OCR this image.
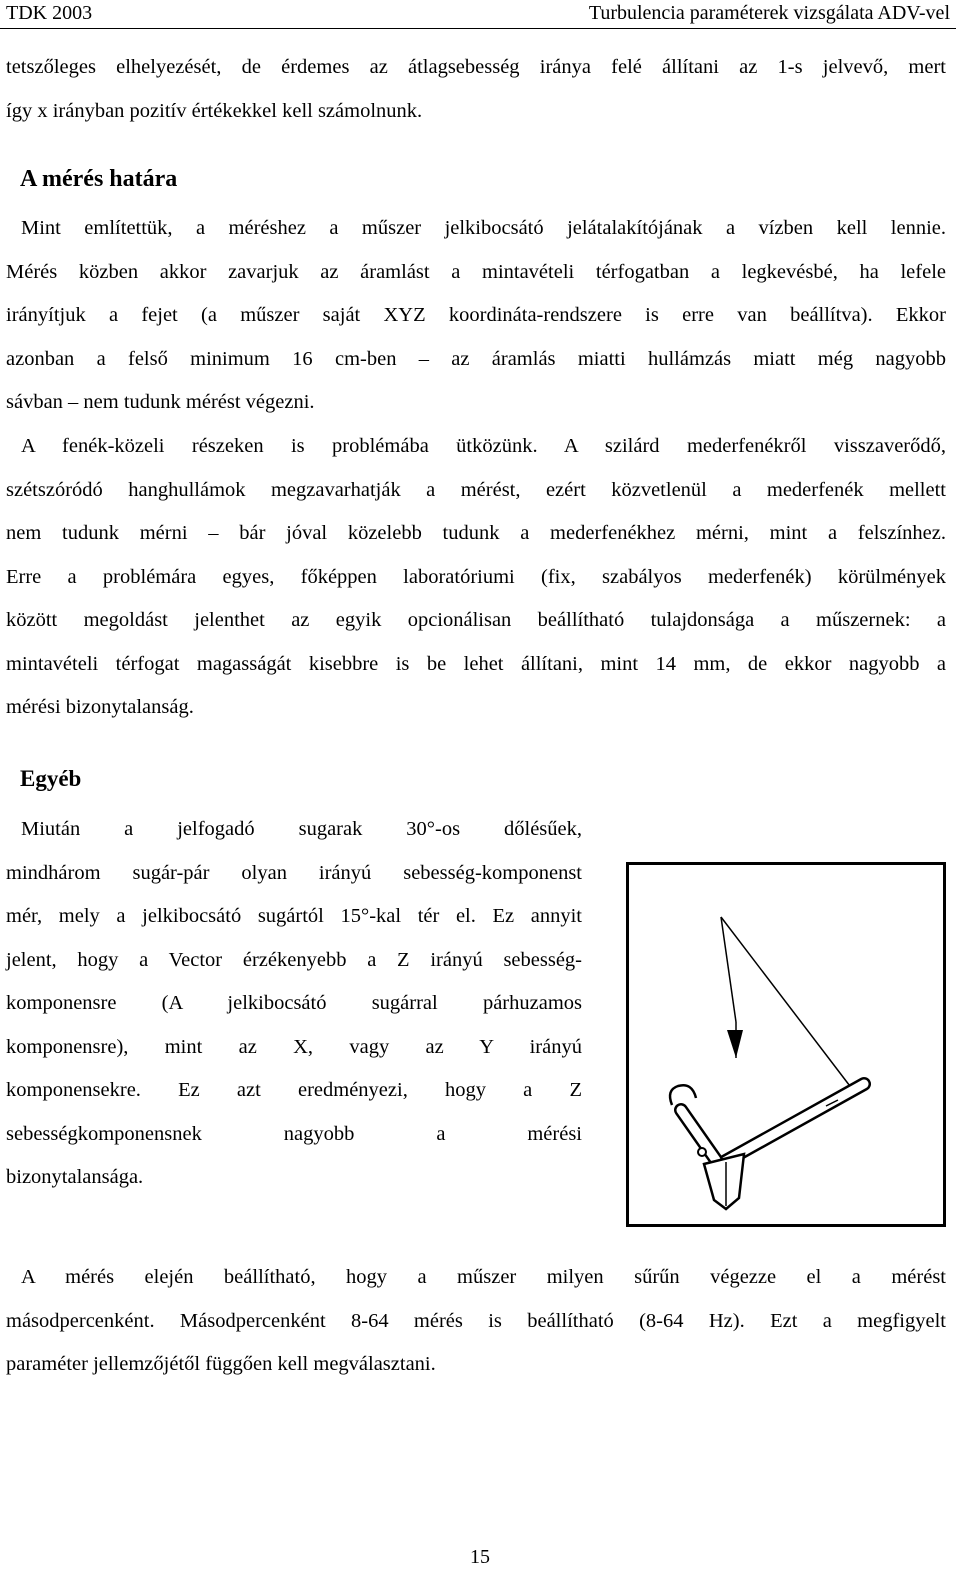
TDK 2003	Turbulencia paraméterek vizsgálata ADV-vel
tetszőleges elhelyezését, de érdemes az átlagsebesség iránya felé állítani az 1-s jelvevő, mert
így x irányban pozitív értékekkel kell számolnunk.
A mérés határa
Mint említettük, a méréshez a műszer jelkibocsátó jelátalakítójának a vízben kell lennie.
Mérés közben akkor zavarjuk az áramlást a mintavételi térfogatban a legkevésbé, ha lefele
irányítjuk a fejet (a műszer saját XYZ koordináta-rendszere is erre van beállítva). Ekkor
azonban a felső minimum 16 cm-ben – az áramlás miatti hullámzás miatt még nagyobb
sávban – nem tudunk mérést végezni.
A fenék-közeli részeken is problémába ütközünk. A szilárd mederfenékről visszaverődő,
szétszóródó hanghullámok megzavarhatják a mérést, ezért közvetlenül a mederfenék mellett
nem tudunk mérni – bár jóval közelebb tudunk a mederfenékhez mérni, mint a felszínhez.
Erre a problémára egyes, főképpen laboratóriumi (fix, szabályos mederfenék) körülmények
között megoldást jelenthet az egyik opcionálisan beállítható tulajdonsága a műszernek: a
mintavételi térfogat magasságát kisebbre is be lehet állítani, mint 14 mm, de ekkor nagyobb a
mérési bizonytalanság.
Egyéb
Miután a jelfogadó sugarak 30°-os dőlésűek,
mindhárom sugár-pár olyan irányú sebesség-komponenst
mér, mely a jelkibocsátó sugártól 15°-kal tér el. Ez annyit
jelent, hogy a Vector érzékenyebb a Z irányú sebesség-
komponensre (A jelkibocsátó sugárral párhuzamos
komponensre), mint az X, vagy az Y irányú
komponensekre. Ez azt eredményezi, hogy a Z
sebességkomponensnek nagyobb a mérési
bizonytalansága.
A mérés elején beállítható, hogy a műszer milyen sűrűn végezze el a mérést
másodpercenként. Másodpercenként 8-64 mérés is beállítható (8-64 Hz). Ezt a megfigyelt
paraméter jellemzőjétől függően kell megválasztani.
15
